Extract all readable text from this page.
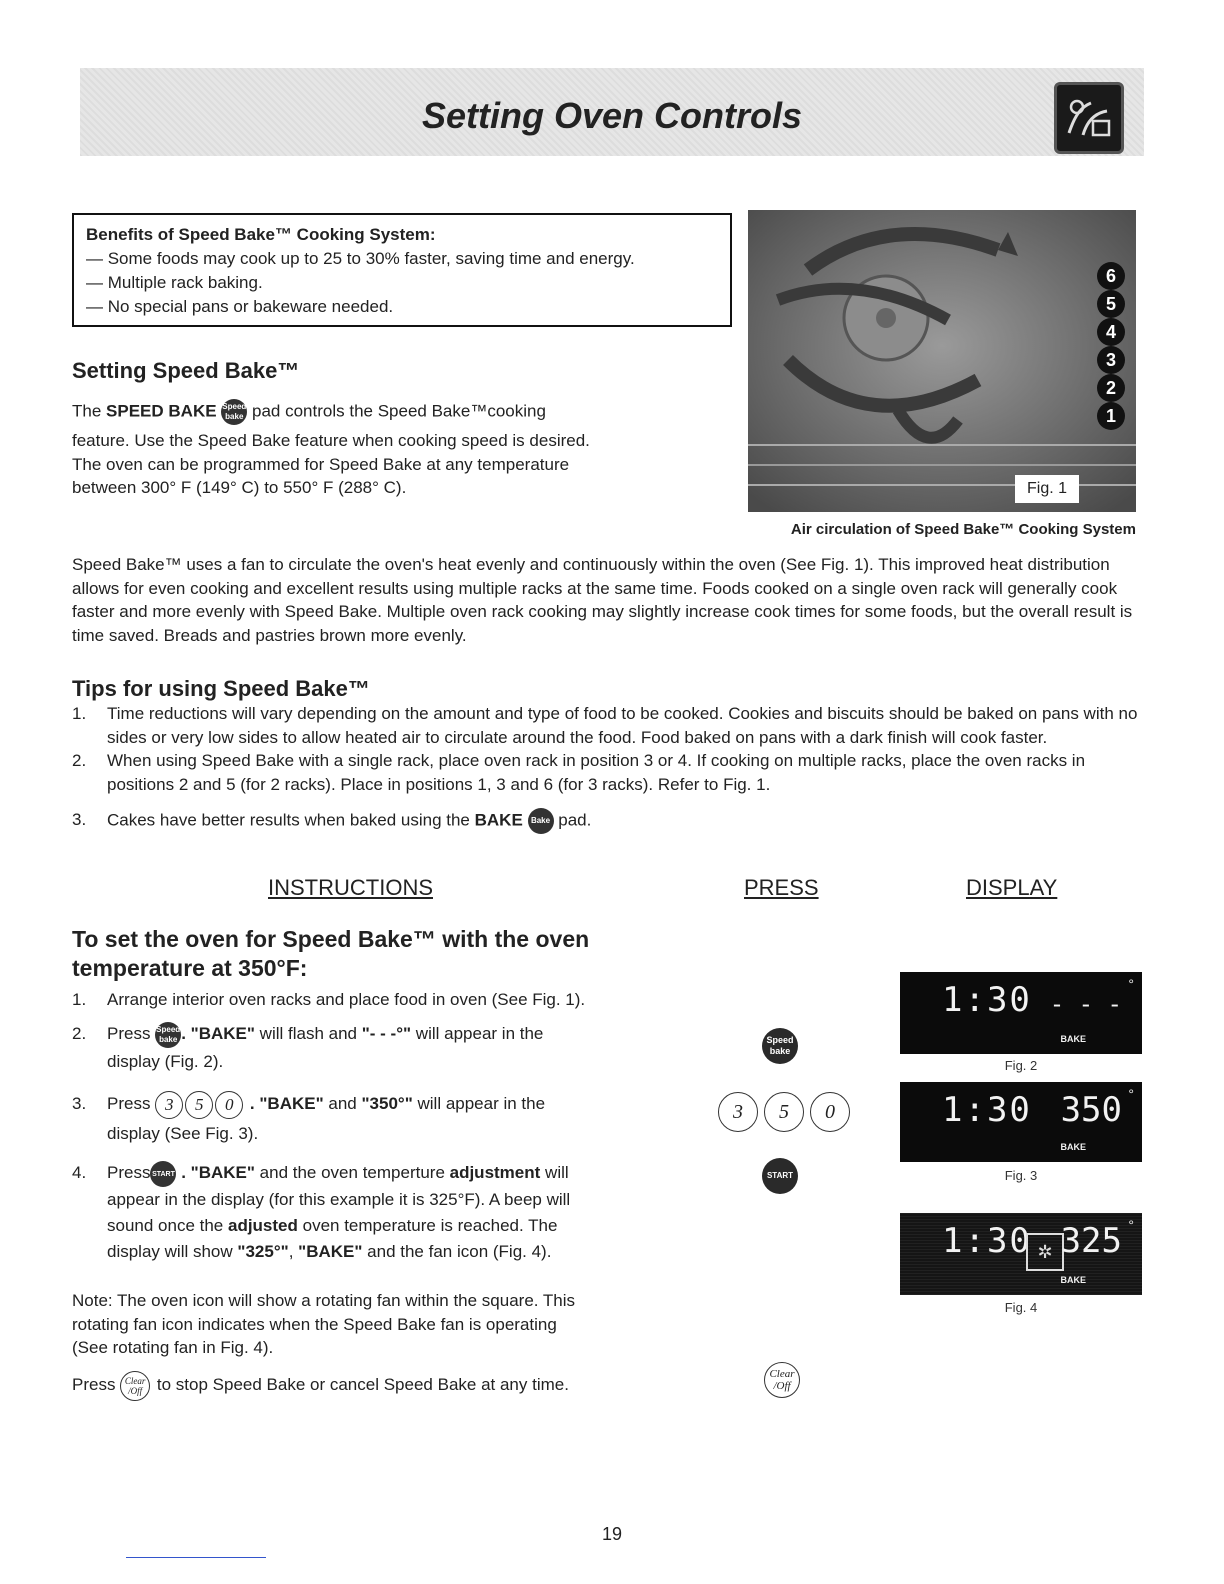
Setting Oven Controls
Benefits of Speed Bake™ Cooking System:
— Some foods may cook up to 25 to 30% faster, saving time and energy.
— Multiple rack baking.
— No special pans or bakeware needed.
Setting Speed Bake™
The SPEED BAKE Speed
bake pad controls the Speed Bake™cooking
feature. Use the Speed Bake feature when cooking speed is desired.
The oven can be programmed for Speed Bake at any temperature
between 300° F (149° C) to 550° F (288° C).
6
5
4
3
2
1
Fig. 1
Air circulation of Speed Bake™ Cooking System
Speed Bake™ uses a fan to circulate the oven's heat evenly and continuously within the oven (See Fig. 1). This improved heat distribution allows for even cooking and excellent results using multiple racks at the same time. Foods cooked on a single oven rack will generally cook faster and more evenly with Speed Bake. Multiple oven rack cooking may slightly increase cook times for some foods, but the overall result is time saved. Breads and pastries brown more evenly.
Tips for using Speed Bake™
1. Time reductions will vary depending on the amount and type of food to be cooked. Cookies and biscuits should be baked on pans with no sides or very low sides to allow heated air to circulate around the food. Food baked on pans with a dark finish will cook faster.
2. When using Speed Bake with a single rack, place oven rack in position 3 or 4. If cooking on multiple racks, place the oven racks in positions 2 and 5 (for 2 racks). Place in positions 1, 3 and 6 (for 3 racks). Refer to Fig. 1.
3. Cakes have better results when baked using the BAKE Bake pad.
INSTRUCTIONS	PRESS	DISPLAY
To set the oven for Speed Bake™ with the oven
temperature at 350°F:
1. Arrange interior oven racks and place food in oven (See Fig. 1).
2. Press Speed
bake . "BAKE" will flash and "- - -°" will appear in the
display (Fig. 2).
3. Press 3 5 0 . "BAKE" and "350°" will appear in the
display (See Fig. 3).
4. Press START . "BAKE" and the oven temperture adjustment will
appear in the display (for this example it is 325°F). A beep will
sound once the adjusted oven temperature is reached. The
display will show "325°", "BAKE" and the fan icon (Fig. 4).
Note: The oven icon will show a rotating fan within the square. This
rotating fan icon indicates when the Speed Bake fan is operating
(See rotating fan in Fig. 4).
Press Clear
/Off to stop Speed Bake or cancel Speed Bake at any time.
Speed
bake
3	5	0
START
Clear
/Off
1:30 - - -
°
BAKE
Fig. 2
1:30 350 °
BAKE
Fig. 3
1:30 ✲ 325 °
BAKE
Fig. 4
19
